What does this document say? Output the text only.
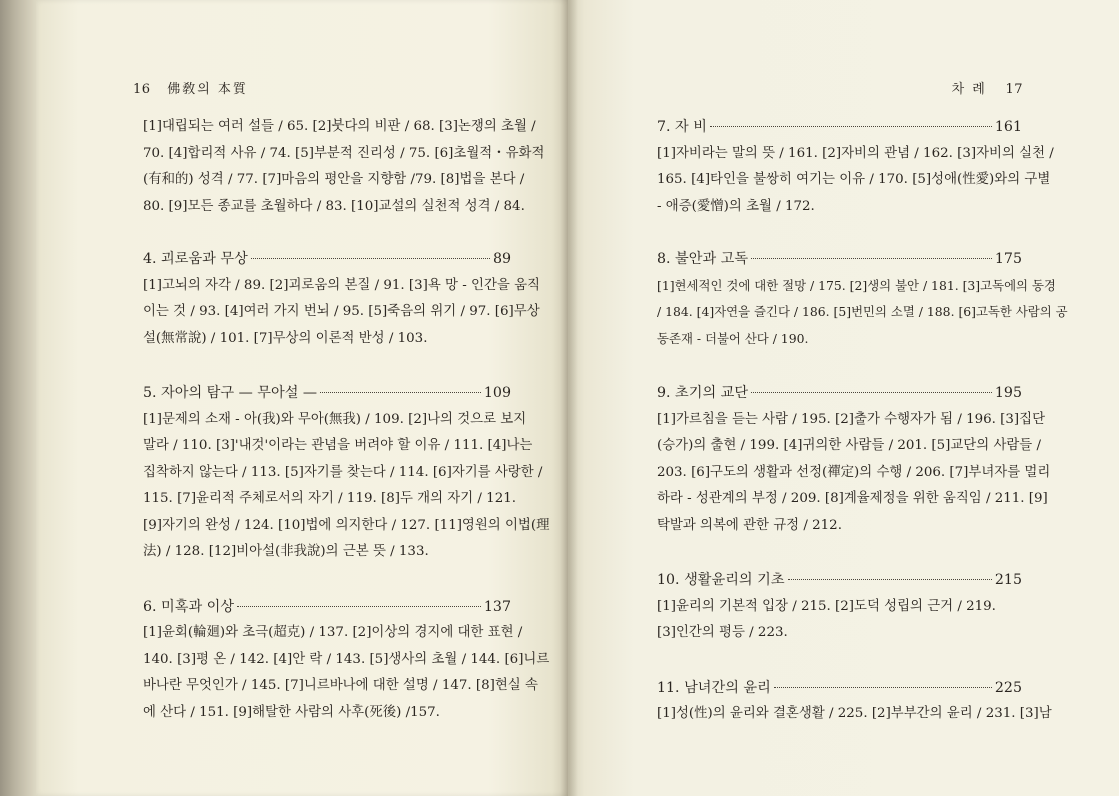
16 佛敎의 本質	차 례 17
[1]대립되는 여러 설들 / 65. [2]붓다의 비판 / 68. [3]논쟁의 초월 /
70. [4]합리적 사유 / 74. [5]부분적 진리성 / 75. [6]초월적・유화적
(有和的) 성격 / 77. [7]마음의 평안을 지향함 /79. [8]법을 본다 /
80. [9]모든 종교를 초월하다 / 83. [10]교설의 실천적 성격 / 84.
4. 괴로움과 무상	89
[1]고뇌의 자각 / 89. [2]괴로움의 본질 / 91. [3]욕 망 - 인간을 움직
이는 것 / 93. [4]여러 가지 번뇌 / 95. [5]죽음의 위기 / 97. [6]무상
설(無常說) / 101. [7]무상의 이론적 반성 / 103.
5. 자아의 탐구 — 무아설 —	109
[1]문제의 소재 - 아(我)와 무아(無我) / 109. [2]나의 것으로 보지
말라 / 110. [3]'내것'이라는 관념을 버려야 할 이유 / 111. [4]나는
집착하지 않는다 / 113. [5]자기를 찾는다 / 114. [6]자기를 사랑한 /
115. [7]윤리적 주체로서의 자기 / 119. [8]두 개의 자기 / 121.
[9]자기의 완성 / 124. [10]법에 의지한다 / 127. [11]영원의 이법(理
法) / 128. [12]비아설(非我說)의 근본 뜻 / 133.
6. 미혹과 이상	137
[1]윤회(輪廻)와 초극(超克) / 137. [2]이상의 경지에 대한 표현 /
140. [3]평 온 / 142. [4]안 락 / 143. [5]생사의 초월 / 144. [6]니르
바나란 무엇인가 / 145. [7]니르바나에 대한 설명 / 147. [8]현실 속
에 산다 / 151. [9]해탈한 사람의 사후(死後) /157.
7. 자 비	161
[1]자비라는 말의 뜻 / 161. [2]자비의 관념 / 162. [3]자비의 실천 /
165. [4]타인을 불쌍히 여기는 이유 / 170. [5]성애(性愛)와의 구별
- 애증(愛憎)의 초월 / 172.
8. 불안과 고독	175
[1]현세적인 것에 대한 절망 / 175. [2]생의 불안 / 181. [3]고독에의 동경
/ 184. [4]자연을 즐긴다 / 186. [5]번민의 소멸 / 188. [6]고독한 사람의 공
동존재 - 더불어 산다 / 190.
9. 초기의 교단	195
[1]가르침을 듣는 사람 / 195. [2]출가 수행자가 됨 / 196. [3]집단
(승가)의 출현 / 199. [4]귀의한 사람들 / 201. [5]교단의 사람들 /
203. [6]구도의 생활과 선정(禪定)의 수행 / 206. [7]부녀자를 멀리
하라 - 성관계의 부정 / 209. [8]계율제정을 위한 움직임 / 211. [9]
탁발과 의복에 관한 규정 / 212.
10. 생활윤리의 기초	215
[1]윤리의 기본적 입장 / 215. [2]도덕 성립의 근거 / 219.
[3]인간의 평등 / 223.
11. 남녀간의 윤리	225
[1]성(性)의 윤리와 결혼생활 / 225. [2]부부간의 윤리 / 231. [3]남
